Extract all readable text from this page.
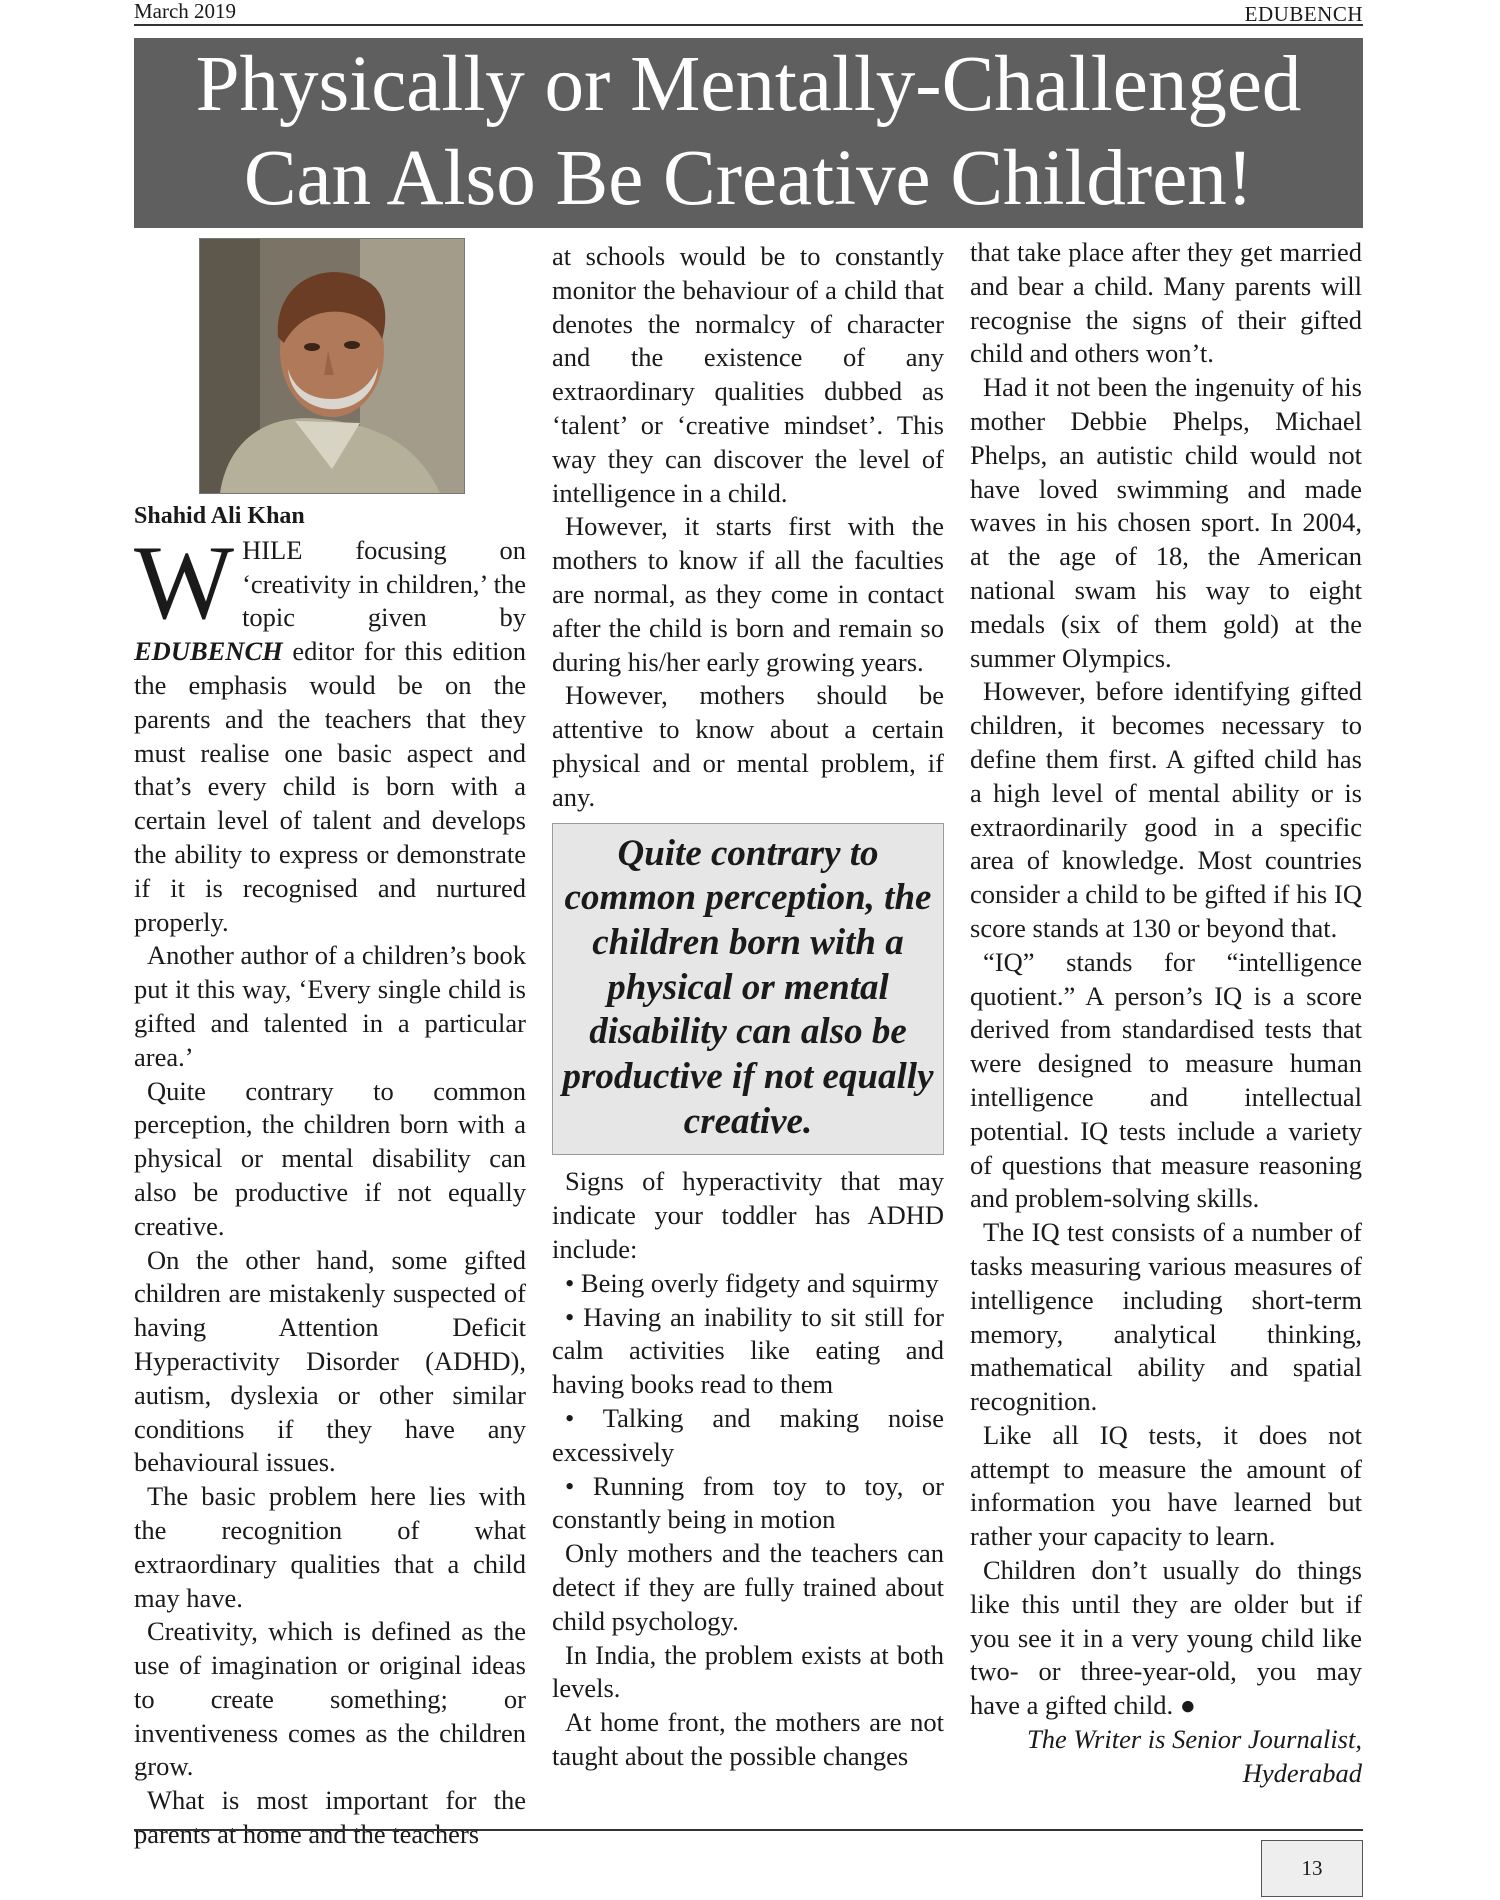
March 2019	EDUBENCH
Physically or Mentally-Challenged
Can Also Be Creative Children!
Shahid Ali Khan

WHILE focusing on ‘creativity in children,’ the topic given by EDUBENCH editor for this edition the emphasis would be on the parents and the teachers that they must realise one basic aspect and that’s every child is born with a certain level of talent and develops the ability to express or demonstrate if it is recognised and nurtured properly.

Another author of a children’s book put it this way, ‘Every single child is gifted and talented in a particular area.’

Quite contrary to common perception, the children born with a physical or mental disability can also be productive if not equally creative.

On the other hand, some gifted children are mistakenly suspected of having Attention Deficit Hyperactivity Disorder (ADHD), autism, dyslexia or other similar conditions if they have any behavioural issues.

The basic problem here lies with the recognition of what extraordinary qualities that a child may have.

Creativity, which is defined as the use of imagination or original ideas to create something; or inventiveness comes as the children grow.

What is most important for the parents at home and the teachers

at schools would be to constantly monitor the behaviour of a child that denotes the normalcy of character and the existence of any extraordinary qualities dubbed as ‘talent’ or ‘creative mindset’. This way they can discover the level of intelligence in a child.

However, it starts first with the mothers to know if all the faculties are normal, as they come in contact after the child is born and remain so during his/her early growing years.

However, mothers should be attentive to know about a certain physical and or mental problem, if any.

Quite contrary to common perception, the children born with a physical or mental disability can also be productive if not equally creative.

Signs of hyperactivity that may indicate your toddler has ADHD include:

• Being overly fidgety and squirmy

• Having an inability to sit still for calm activities like eating and having books read to them

• Talking and making noise excessively

• Running from toy to toy, or constantly being in motion

Only mothers and the teachers can detect if they are fully trained about child psychology.

In India, the problem exists at both levels.

At home front, the mothers are not taught about the possible changes

that take place after they get married and bear a child. Many parents will recognise the signs of their gifted child and others won’t.

Had it not been the ingenuity of his mother Debbie Phelps, Michael Phelps, an autistic child would not have loved swimming and made waves in his chosen sport. In 2004, at the age of 18, the American national swam his way to eight medals (six of them gold) at the summer Olympics.

However, before identifying gifted children, it becomes necessary to define them first. A gifted child has a high level of mental ability or is extraordinarily good in a specific area of knowledge. Most countries consider a child to be gifted if his IQ score stands at 130 or beyond that.

“IQ” stands for “intelligence quotient.” A person’s IQ is a score derived from standardised tests that were designed to measure human intelligence and intellectual potential. IQ tests include a variety of questions that measure reasoning and problem-solving skills.

The IQ test consists of a number of tasks measuring various measures of intelligence including short-term memory, analytical thinking, mathematical ability and spatial recognition.

Like all IQ tests, it does not attempt to measure the amount of information you have learned but rather your capacity to learn.

Children don’t usually do things like this until they are older but if you see it in a very young child like two- or three-year-old, you may have a gifted child. ●

The Writer is Senior Journalist,

Hyderabad

13
